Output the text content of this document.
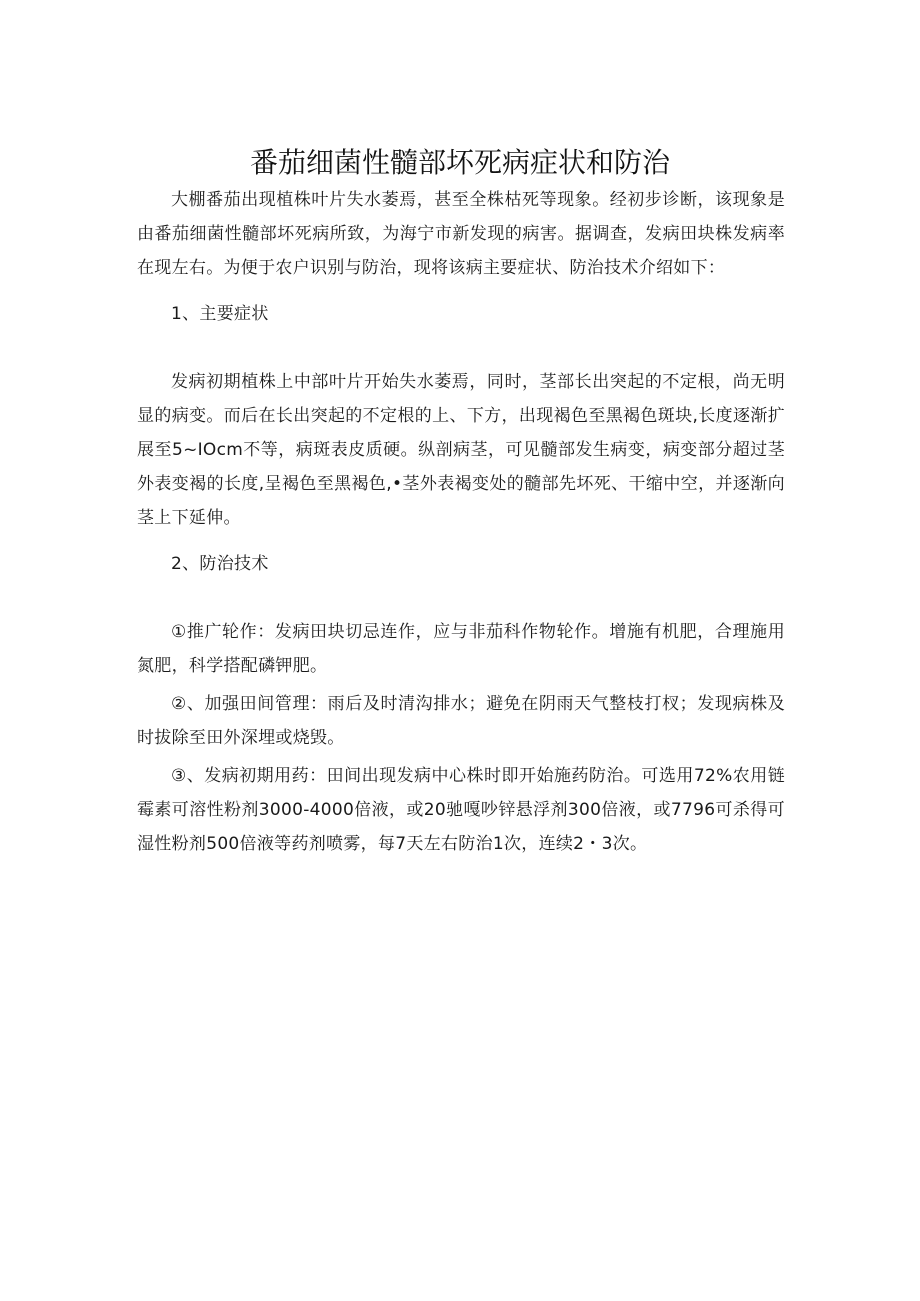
番茄细菌性髓部坏死病症状和防治

大棚番茄出现植株叶片失水萎焉，甚至全株枯死等现象。经初步诊断，该现象是由番茄细菌性髓部坏死病所致，为海宁市新发现的病害。据调查，发病田块株发病率在现左右。为便于农户识别与防治，现将该病主要症状、防治技术介绍如下：

1、主要症状

发病初期植株上中部叶片开始失水萎焉，同时，茎部长出突起的不定根，尚无明显的病变。而后在长出突起的不定根的上、下方，出现褐色至黑褐色斑块,长度逐渐扩展至5~IOcm不等，病斑表皮质硬。纵剖病茎，可见髓部发生病变，病变部分超过茎外表变褐的长度,呈褐色至黑褐色,•茎外表褐变处的髓部先坏死、干缩中空，并逐渐向茎上下延伸。

2、防治技术

①推广轮作：发病田块切忌连作，应与非茄科作物轮作。增施有机肥，合理施用氮肥，科学搭配磷钾肥。

②、加强田间管理：雨后及时清沟排水；避免在阴雨天气整枝打杈；发现病株及时拔除至田外深埋或烧毁。

③、发病初期用药：田间出现发病中心株时即开始施药防治。可选用72%农用链霉素可溶性粉剂3000-4000倍液，或20驰嘎吵锌悬浮剂300倍液，或7796可杀得可湿性粉剂500倍液等药剂喷雾，每7天左右防治1次，连续2・3次。
